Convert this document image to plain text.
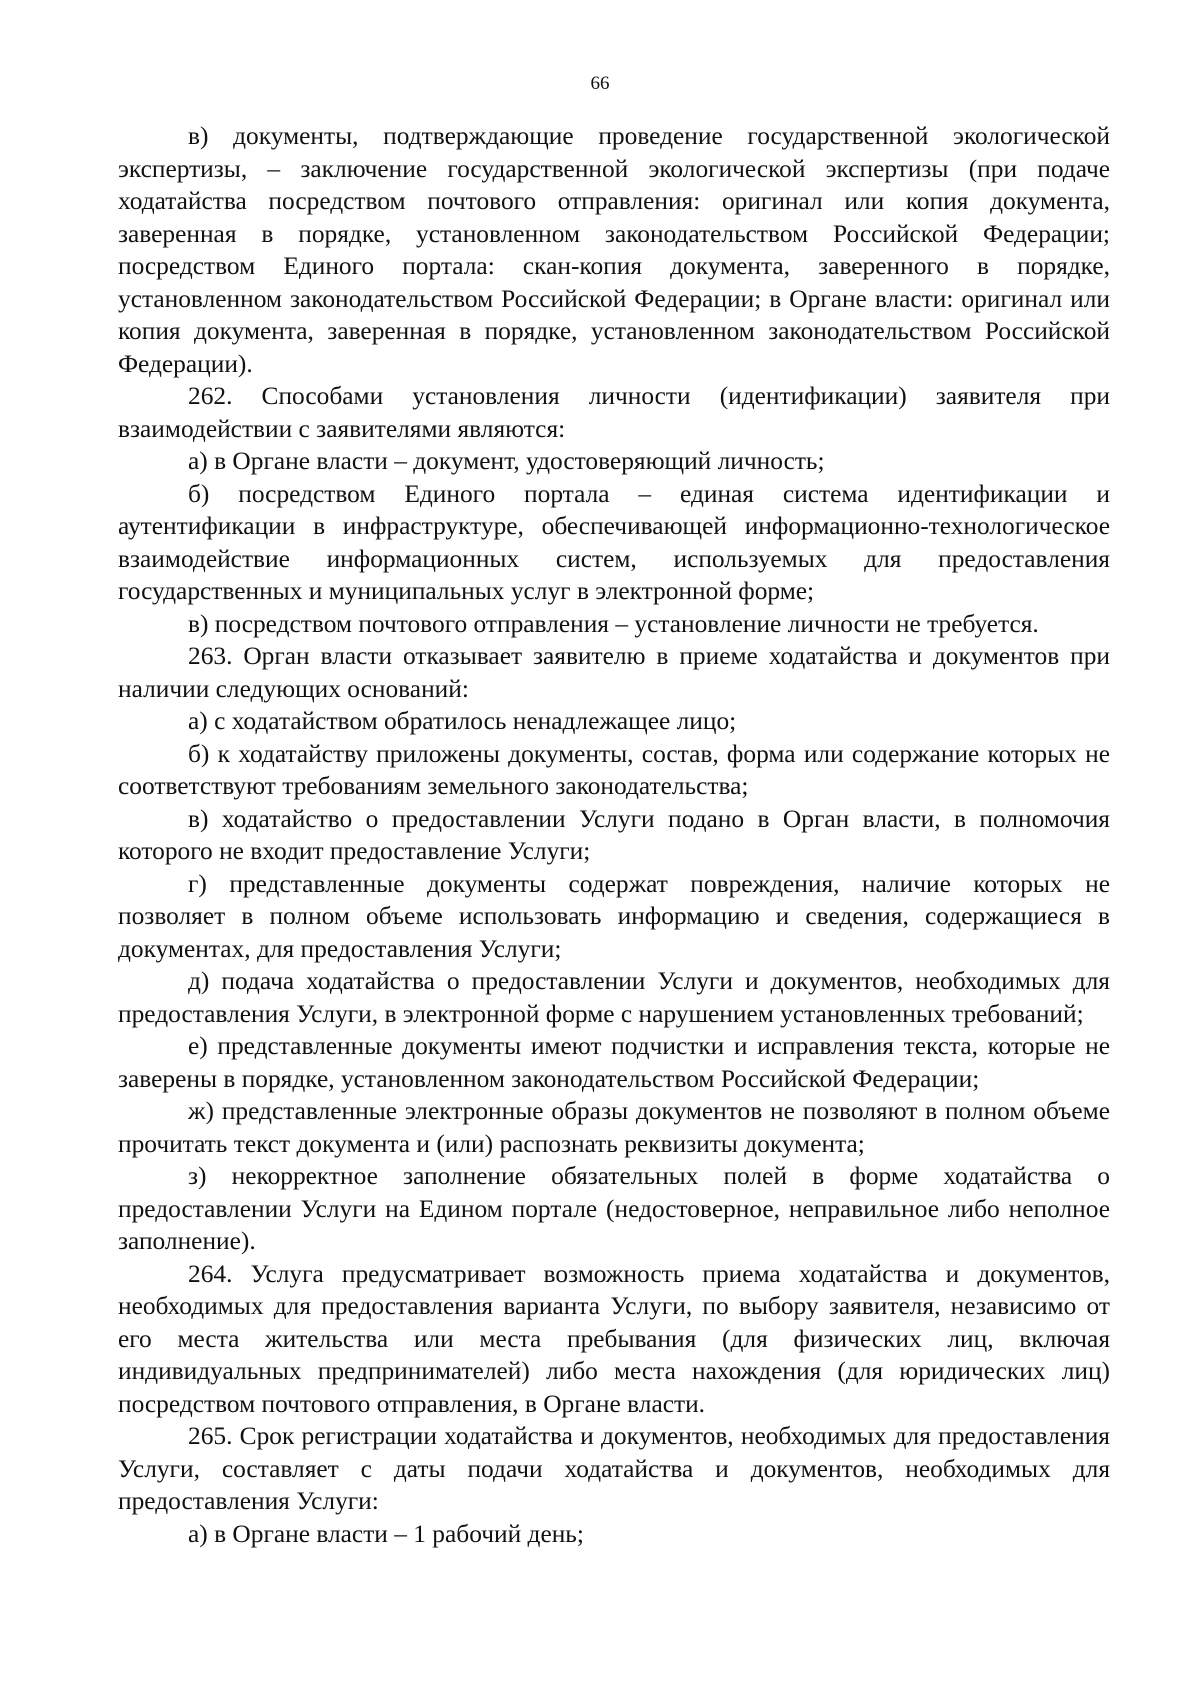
66

в) документы, подтверждающие проведение государственной экологической экспертизы, – заключение государственной экологической экспертизы (при подаче ходатайства посредством почтового отправления: оригинал или копия документа, заверенная в порядке, установленном законодательством Российской Федерации; посредством Единого портала: скан-копия документа, заверенного в порядке, установленном законодательством Российской Федерации; в Органе власти: оригинал или копия документа, заверенная в порядке, установленном законодательством Российской Федерации).

262. Способами установления личности (идентификации) заявителя при взаимодействии с заявителями являются:

а) в Органе власти – документ, удостоверяющий личность;

б) посредством Единого портала – единая система идентификации и аутентификации в инфраструктуре, обеспечивающей информационно-технологическое взаимодействие информационных систем, используемых для предоставления государственных и муниципальных услуг в электронной форме;

в) посредством почтового отправления – установление личности не требуется.

263. Орган власти отказывает заявителю в приеме ходатайства и документов при наличии следующих оснований:

а) с ходатайством обратилось ненадлежащее лицо;

б) к ходатайству приложены документы, состав, форма или содержание которых не соответствуют требованиям земельного законодательства;

в) ходатайство о предоставлении Услуги подано в Орган власти, в полномочия которого не входит предоставление Услуги;

г) представленные документы содержат повреждения, наличие которых не позволяет в полном объеме использовать информацию и сведения, содержащиеся в документах, для предоставления Услуги;

д) подача ходатайства о предоставлении Услуги и документов, необходимых для предоставления Услуги, в электронной форме с нарушением установленных требований;

е) представленные документы имеют подчистки и исправления текста, которые не заверены в порядке, установленном законодательством Российской Федерации;

ж) представленные электронные образы документов не позволяют в полном объеме прочитать текст документа и (или) распознать реквизиты документа;

з) некорректное заполнение обязательных полей в форме ходатайства о предоставлении Услуги на Едином портале (недостоверное, неправильное либо неполное заполнение).

264. Услуга предусматривает возможность приема ходатайства и документов, необходимых для предоставления варианта Услуги, по выбору заявителя, независимо от его места жительства или места пребывания (для физических лиц, включая индивидуальных предпринимателей) либо места нахождения (для юридических лиц) посредством почтового отправления, в Органе власти.

265. Срок регистрации ходатайства и документов, необходимых для предоставления Услуги, составляет с даты подачи ходатайства и документов, необходимых для предоставления Услуги:

а) в Органе власти – 1 рабочий день;
